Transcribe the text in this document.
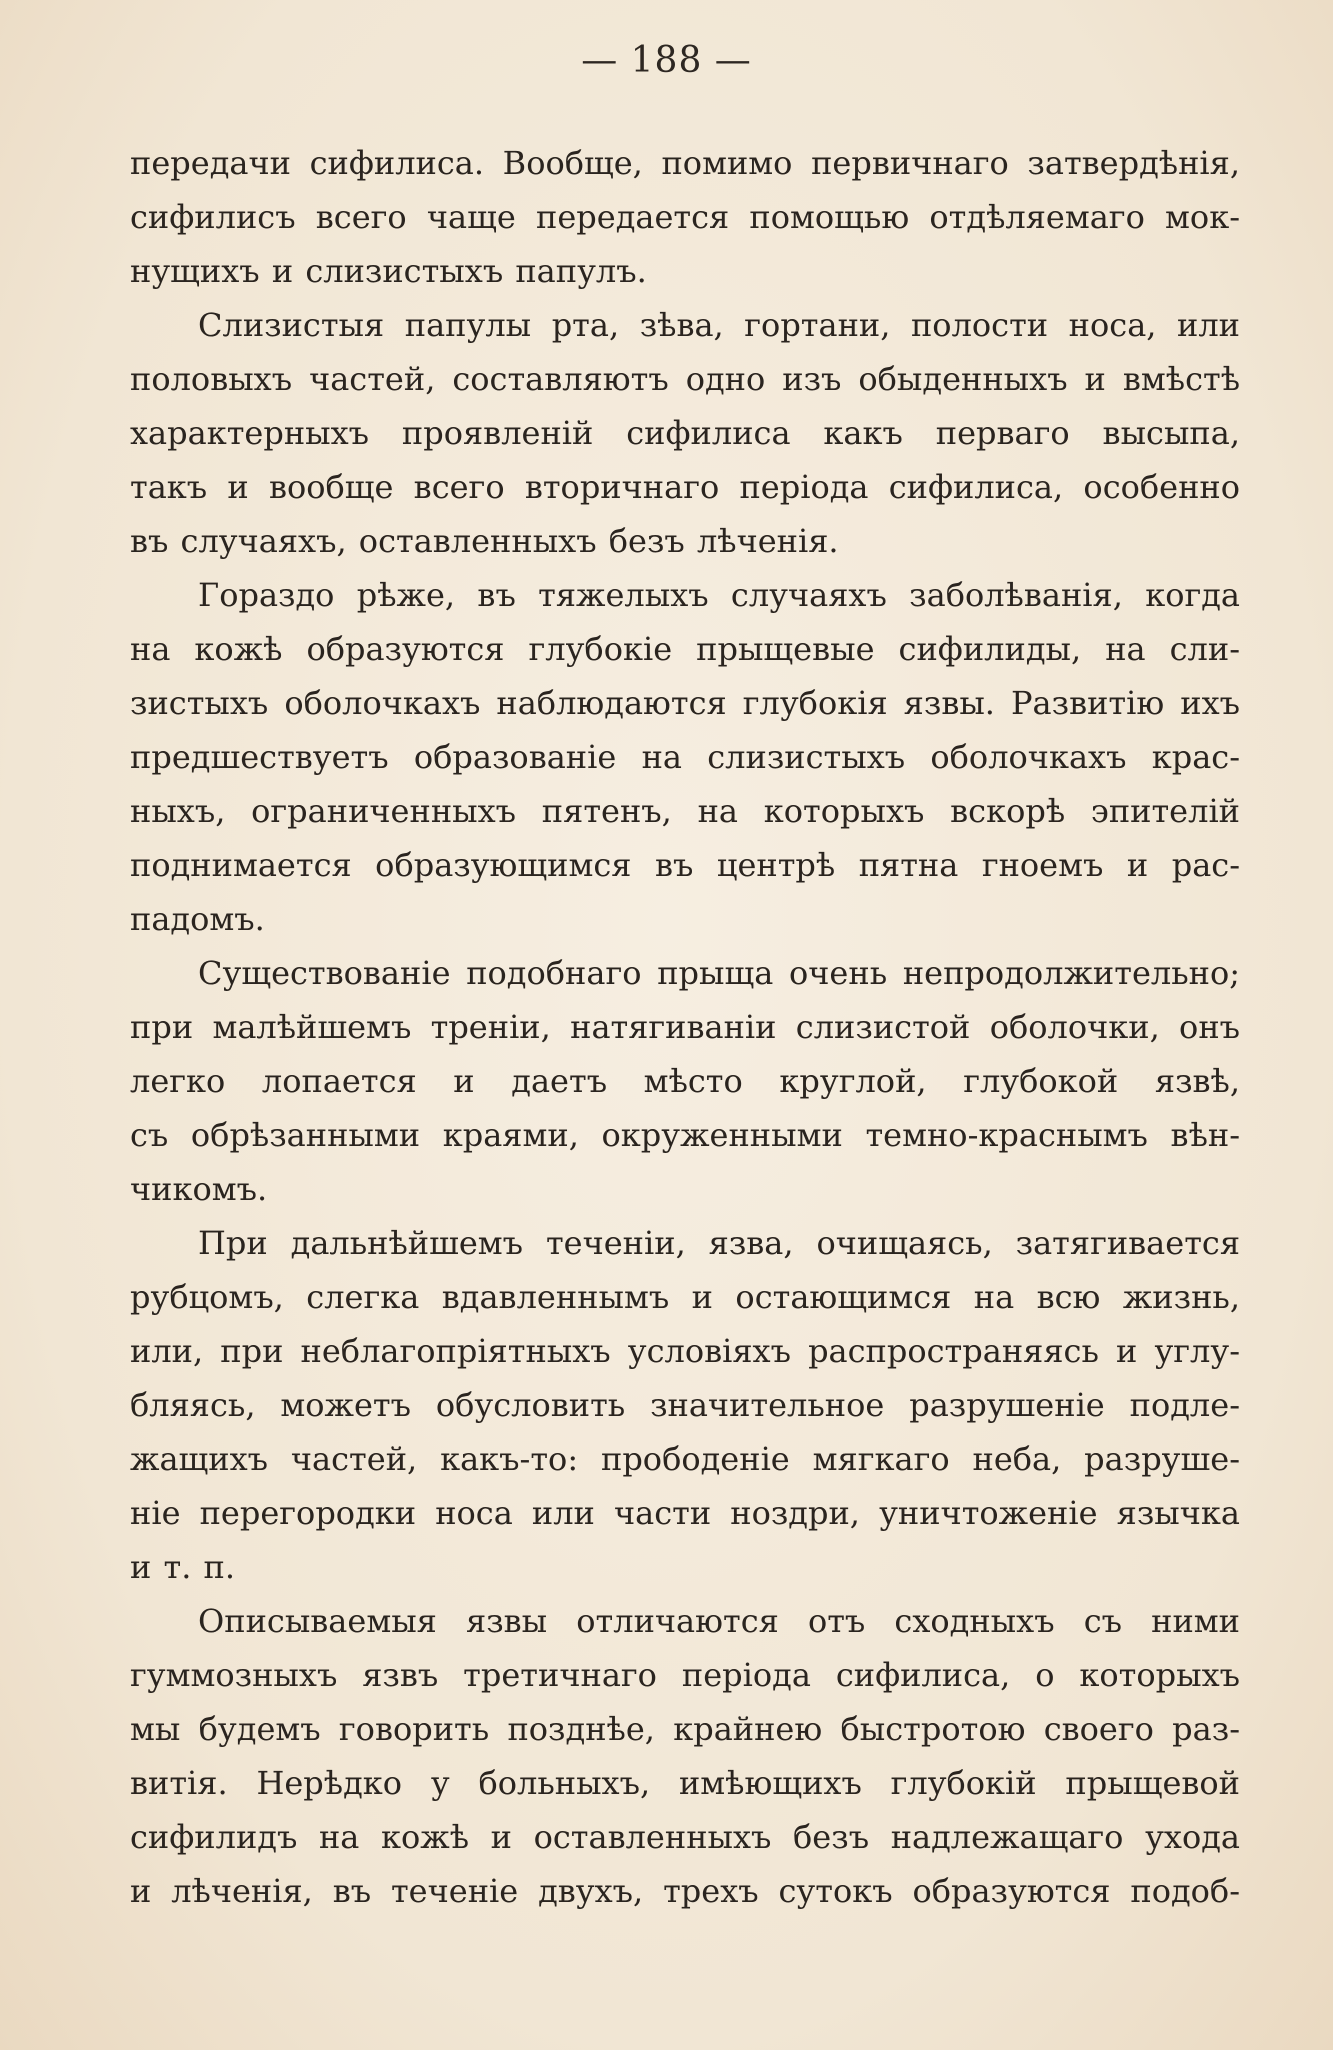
— 188 —
передачи сифилиса. Вообще, помимо первичнаго затвердѣнія,
сифилисъ всего чаще передается помощью отдѣляемаго мок-
нущихъ и слизистыхъ папулъ.
Слизистыя папулы рта, зѣва, гортани, полости носа, или
половыхъ частей, составляютъ одно изъ обыденныхъ и вмѣстѣ
характерныхъ проявленій сифилиса какъ перваго высыпа,
такъ и вообще всего вторичнаго періода сифилиса, особенно
въ случаяхъ, оставленныхъ безъ лѣченія.
Гораздо рѣже, въ тяжелыхъ случаяхъ заболѣванія, когда
на кожѣ образуются глубокіе прыщевые сифилиды, на сли-
зистыхъ оболочкахъ наблюдаются глубокія язвы. Развитію ихъ
предшествуетъ образованіе на слизистыхъ оболочкахъ крас-
ныхъ, ограниченныхъ пятенъ, на которыхъ вскорѣ эпителій
поднимается образующимся въ центрѣ пятна гноемъ и рас-
падомъ.
Существованіе подобнаго прыща очень непродолжительно;
при малѣйшемъ треніи, натягиваніи слизистой оболочки, онъ
легко лопается и даетъ мѣсто круглой, глубокой язвѣ,
съ обрѣзанными краями, окруженными темно-краснымъ вѣн-
чикомъ.
При дальнѣйшемъ теченіи, язва, очищаясь, затягивается
рубцомъ, слегка вдавленнымъ и остающимся на всю жизнь,
или, при неблагопріятныхъ условіяхъ распространяясь и углу-
бляясь, можетъ обусловить значительное разрушеніе подле-
жащихъ частей, какъ-то: прободеніе мягкаго неба, разруше-
ніе перегородки носа или части ноздри, уничтоженіе язычка
и т. п.
Описываемыя язвы отличаются отъ сходныхъ съ ними
гуммозныхъ язвъ третичнаго періода сифилиса, о которыхъ
мы будемъ говорить позднѣе, крайнею быстротою своего раз-
витія. Нерѣдко у больныхъ, имѣющихъ глубокій прыщевой
сифилидъ на кожѣ и оставленныхъ безъ надлежащаго ухода
и лѣченія, въ теченіе двухъ, трехъ сутокъ образуются подоб-
